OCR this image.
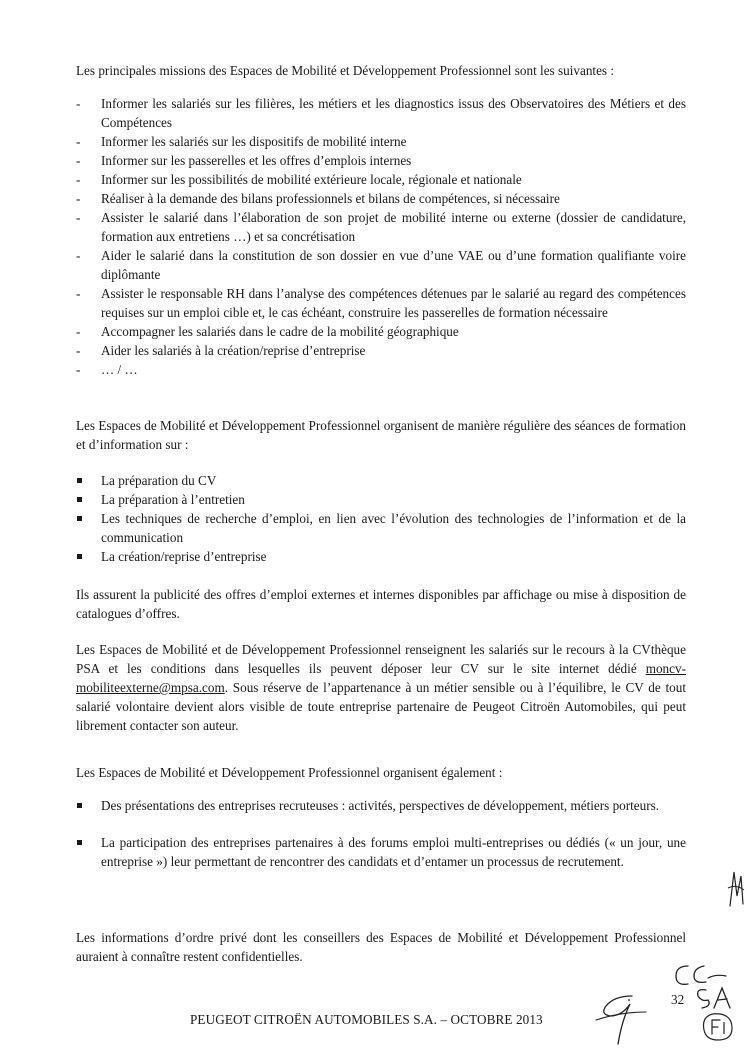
Les principales missions des Espaces de Mobilité et Développement Professionnel sont les suivantes :

- Informer les salariés sur les filières, les métiers et les diagnostics issus des Observatoires des Métiers et des Compétences
- Informer les salariés sur les dispositifs de mobilité interne
- Informer sur les passerelles et les offres d’emplois internes
- Informer sur les possibilités de mobilité extérieure locale, régionale et nationale
- Réaliser à la demande des bilans professionnels et bilans de compétences, si nécessaire
- Assister le salarié dans l’élaboration de son projet de mobilité interne ou externe (dossier de candidature, formation aux entretiens …) et sa concrétisation
- Aider le salarié dans la constitution de son dossier en vue d’une VAE ou d’une formation qualifiante voire diplômante
- Assister le responsable RH dans l’analyse des compétences détenues par le salarié au regard des compétences requises sur un emploi cible et, le cas échéant, construire les passerelles de formation nécessaire
- Accompagner les salariés dans le cadre de la mobilité géographique
- Aider les salariés à la création/reprise d’entreprise
- … / …

Les Espaces de Mobilité et Développement Professionnel organisent de manière régulière des séances de formation et d’information sur :

La préparation du CV
La préparation à l’entretien
Les techniques de recherche d’emploi, en lien avec l’évolution des technologies de l’information et de la communication
La création/reprise d’entreprise

Ils assurent la publicité des offres d’emploi externes et internes disponibles par affichage ou mise à disposition de catalogues d’offres.

Les Espaces de Mobilité et de Développement Professionnel renseignent les salariés sur le recours à la CVthèque PSA et les conditions dans lesquelles ils peuvent déposer leur CV sur le site internet dédié moncv-mobiliteexterne@mpsa.com. Sous réserve de l’appartenance à un métier sensible ou à l’équilibre, le CV de tout salarié volontaire devient alors visible de toute entreprise partenaire de Peugeot Citroën Automobiles, qui peut librement contacter son auteur.

Les Espaces de Mobilité et Développement Professionnel organisent également :

Des présentations des entreprises recruteuses : activités, perspectives de développement, métiers porteurs.
La participation des entreprises partenaires à des forums emploi multi-entreprises ou dédiés (« un jour, une entreprise ») leur permettant de rencontrer des candidats et d’entamer un processus de recrutement.

Les informations d’ordre privé dont les conseillers des Espaces de Mobilité et Développement Professionnel auraient à connaître restent confidentielles.

32
PEUGEOT CITROËN AUTOMOBILES S.A. – OCTOBRE 2013
